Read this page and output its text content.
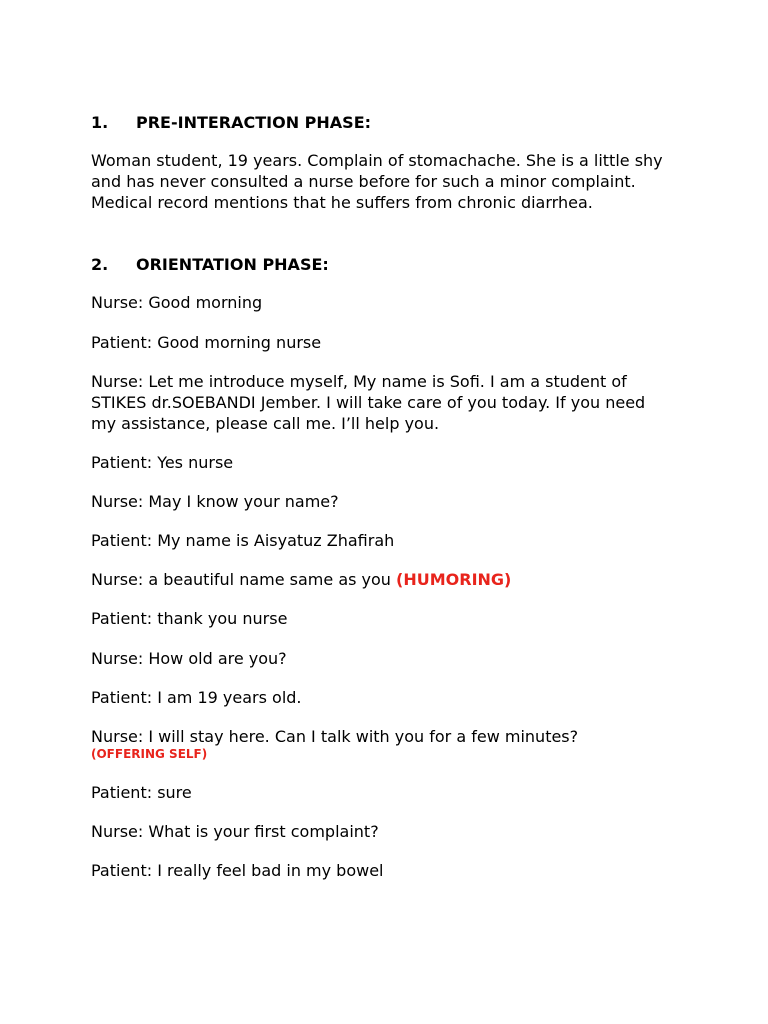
1.	PRE-INTERACTION PHASE:

Woman student, 19 years. Complain of stomachache. She is a little shy and has never consulted a nurse before for such a minor complaint. Medical record mentions that he suffers from chronic diarrhea.

2.	ORIENTATION PHASE:

Nurse: Good morning

Patient: Good morning nurse

Nurse: Let me introduce myself, My name is Sofi. I am a student of STIKES dr.SOEBANDI Jember. I will take care of you today. If you need my assistance, please call me. I’ll help you.

Patient: Yes nurse

Nurse: May I know your name?

Patient: My name is Aisyatuz Zhafirah

Nurse: a beautiful name same as you (HUMORING)

Patient: thank you nurse

Nurse: How old are you?

Patient: I am 19 years old.

Nurse: I will stay here. Can I talk with you for a few minutes?
(OFFERING SELF)

Patient: sure

Nurse: What is your first complaint?

Patient: I really feel bad in my bowel
